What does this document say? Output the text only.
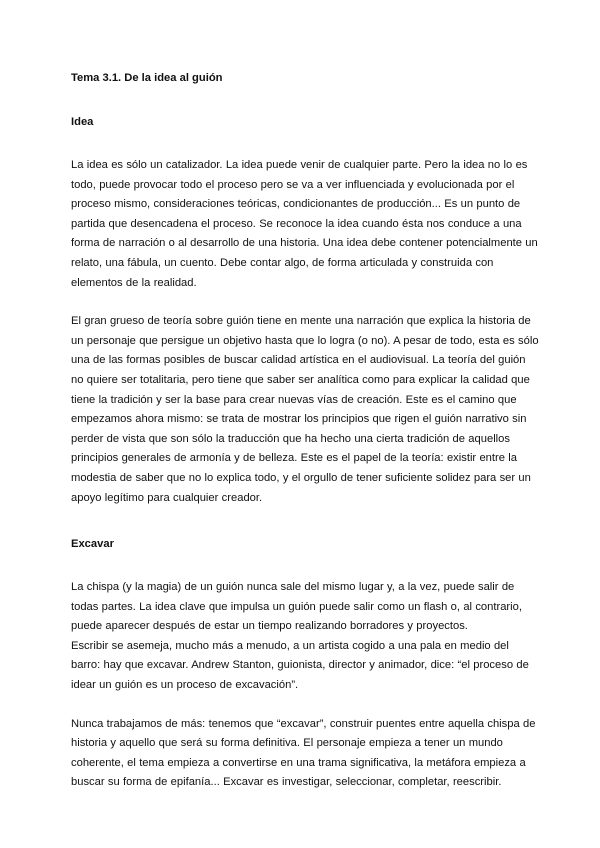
Tema 3.1. De la idea al guión

Idea

La idea es sólo un catalizador. La idea puede venir de cualquier parte. Pero la idea no lo es todo, puede provocar todo el proceso pero se va a ver influenciada y evolucionada por el proceso mismo, consideraciones teóricas, condicionantes de producción... Es un punto de partida que desencadena el proceso. Se reconoce la idea cuando ésta nos conduce a una forma de narración o al desarrollo de una historia. Una idea debe contener potencialmente un relato, una fábula, un cuento. Debe contar algo, de forma articulada y construida con elementos de la realidad.

El gran grueso de teoría sobre guión tiene en mente una narración que explica la historia de un personaje que persigue un objetivo hasta que lo logra (o no). A pesar de todo, esta es sólo una de las formas posibles de buscar calidad artística en el audiovisual. La teoría del guión no quiere ser totalitaria, pero tiene que saber ser analítica como para explicar la calidad que tiene la tradición y ser la base para crear nuevas vías de creación. Este es el camino que empezamos ahora mismo: se trata de mostrar los principios que rigen el guión narrativo sin perder de vista que son sólo la traducción que ha hecho una cierta tradición de aquellos principios generales de armonía y de belleza. Este es el papel de la teoría: existir entre la modestia de saber que no lo explica todo, y el orgullo de tener suficiente solidez para ser un apoyo legítimo para cualquier creador.

Excavar

La chispa (y la magia) de un guión nunca sale del mismo lugar y, a la vez, puede salir de todas partes. La idea clave que impulsa un guión puede salir como un flash o, al contrario, puede aparecer después de estar un tiempo realizando borradores y proyectos.

Escribir se asemeja, mucho más a menudo, a un artista cogido a una pala en medio del barro: hay que excavar. Andrew Stanton, guionista, director y animador, dice: “el proceso de idear un guión es un proceso de excavación”.

Nunca trabajamos de más: tenemos que “excavar”, construir puentes entre aquella chispa de historia y aquello que será su forma definitiva. El personaje empieza a tener un mundo coherente, el tema empieza a convertirse en una trama significativa, la metáfora empieza a buscar su forma de epifanía... Excavar es investigar, seleccionar, completar, reescribir.
